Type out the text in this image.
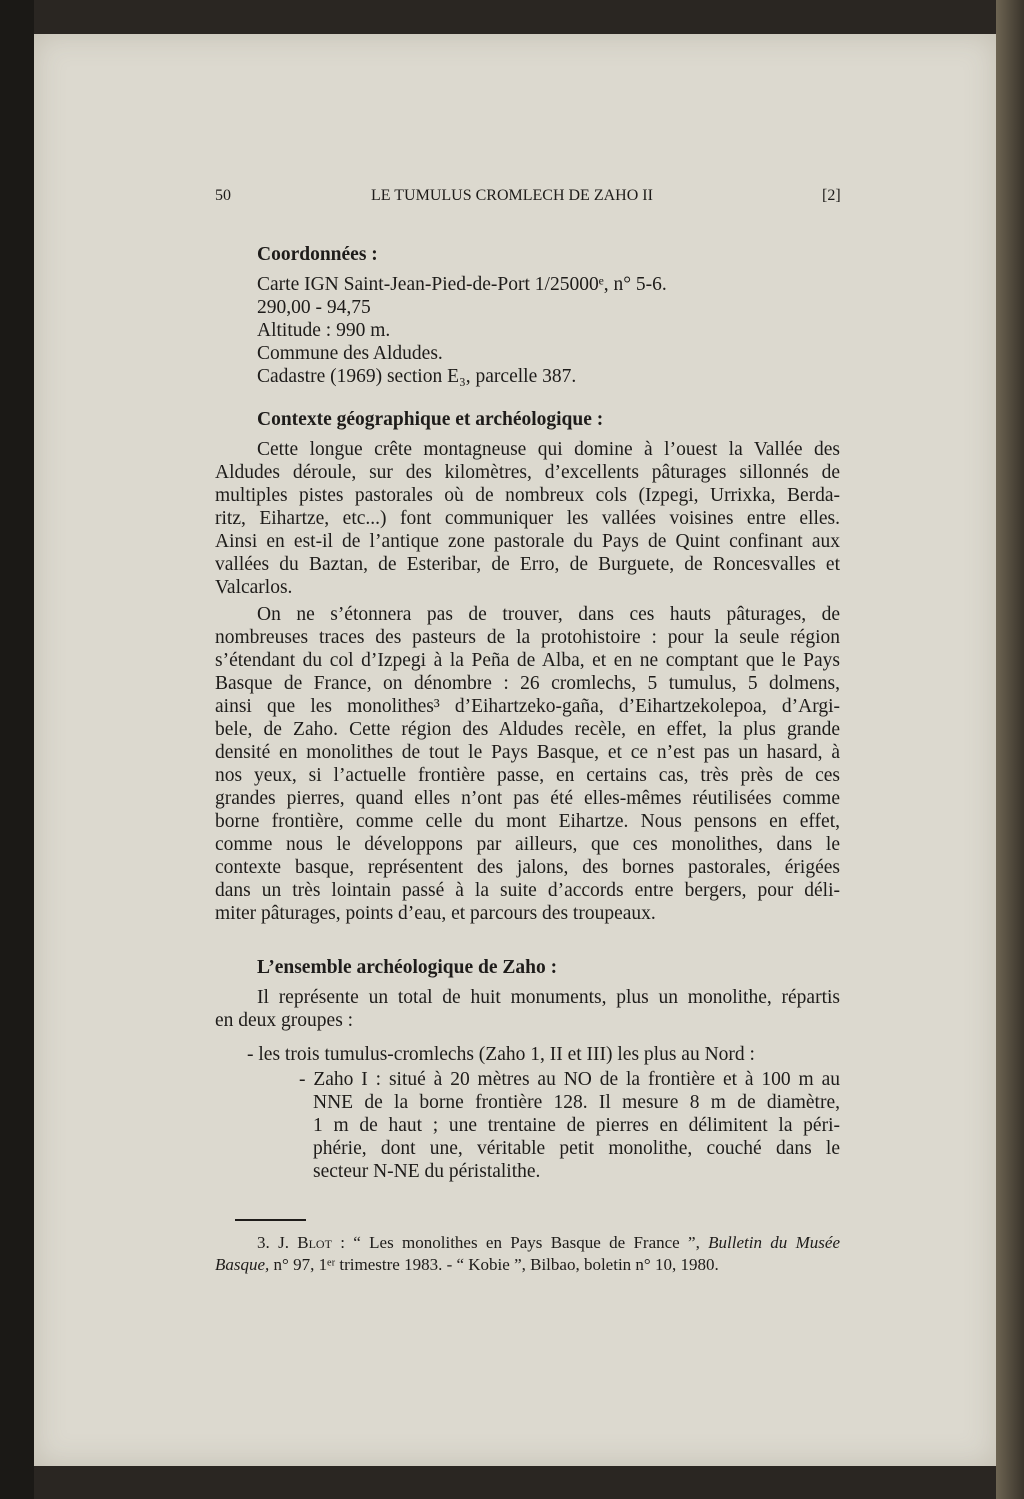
50	LE TUMULUS CROMLECH DE ZAHO II	[2]
Coordonnées :
Carte IGN Saint-Jean-Pied-de-Port 1/25000ᵉ, n° 5-6.
290,00 - 94,75
Altitude : 990 m.
Commune des Aldudes.
Cadastre (1969) section E₃, parcelle 387.
Contexte géographique et archéologique :
Cette longue crête montagneuse qui domine à l’ouest la Vallée des
Aldudes déroule, sur des kilomètres, d’excellents pâturages sillonnés de
multiples pistes pastorales où de nombreux cols (Izpegi, Urrixka, Berda-
ritz, Eihartze, etc...) font communiquer les vallées voisines entre elles.
Ainsi en est-il de l’antique zone pastorale du Pays de Quint confinant aux
vallées du Baztan, de Esteribar, de Erro, de Burguete, de Roncesvalles et
Valcarlos.
On ne s’étonnera pas de trouver, dans ces hauts pâturages, de
nombreuses traces des pasteurs de la protohistoire : pour la seule région
s’étendant du col d’Izpegi à la Peña de Alba, et en ne comptant que le Pays
Basque de France, on dénombre : 26 cromlechs, 5 tumulus, 5 dolmens,
ainsi que les monolithes³ d’Eihartzeko-gaña, d’Eihartzekolepoa, d’Argi-
bele, de Zaho. Cette région des Aldudes recèle, en effet, la plus grande
densité en monolithes de tout le Pays Basque, et ce n’est pas un hasard, à
nos yeux, si l’actuelle frontière passe, en certains cas, très près de ces
grandes pierres, quand elles n’ont pas été elles-mêmes réutilisées comme
borne frontière, comme celle du mont Eihartze. Nous pensons en effet,
comme nous le développons par ailleurs, que ces monolithes, dans le
contexte basque, représentent des jalons, des bornes pastorales, érigées
dans un très lointain passé à la suite d’accords entre bergers, pour déli-
miter pâturages, points d’eau, et parcours des troupeaux.
L’ensemble archéologique de Zaho :
Il représente un total de huit monuments, plus un monolithe, répartis
en deux groupes :
- les trois tumulus-cromlechs (Zaho 1, II et III) les plus au Nord :
- Zaho I : situé à 20 mètres au NO de la frontière et à 100 m au
NNE de la borne frontière 128. Il mesure 8 m de diamètre,
1 m de haut ; une trentaine de pierres en délimitent la péri-
phérie, dont une, véritable petit monolithe, couché dans le
secteur N-NE du péristalithe.
3. J. Blot : “ Les monolithes en Pays Basque de France ”, Bulletin du Musée
Basque, n° 97, 1ᵉʳ trimestre 1983. - “ Kobie ”, Bilbao, boletin n° 10, 1980.
